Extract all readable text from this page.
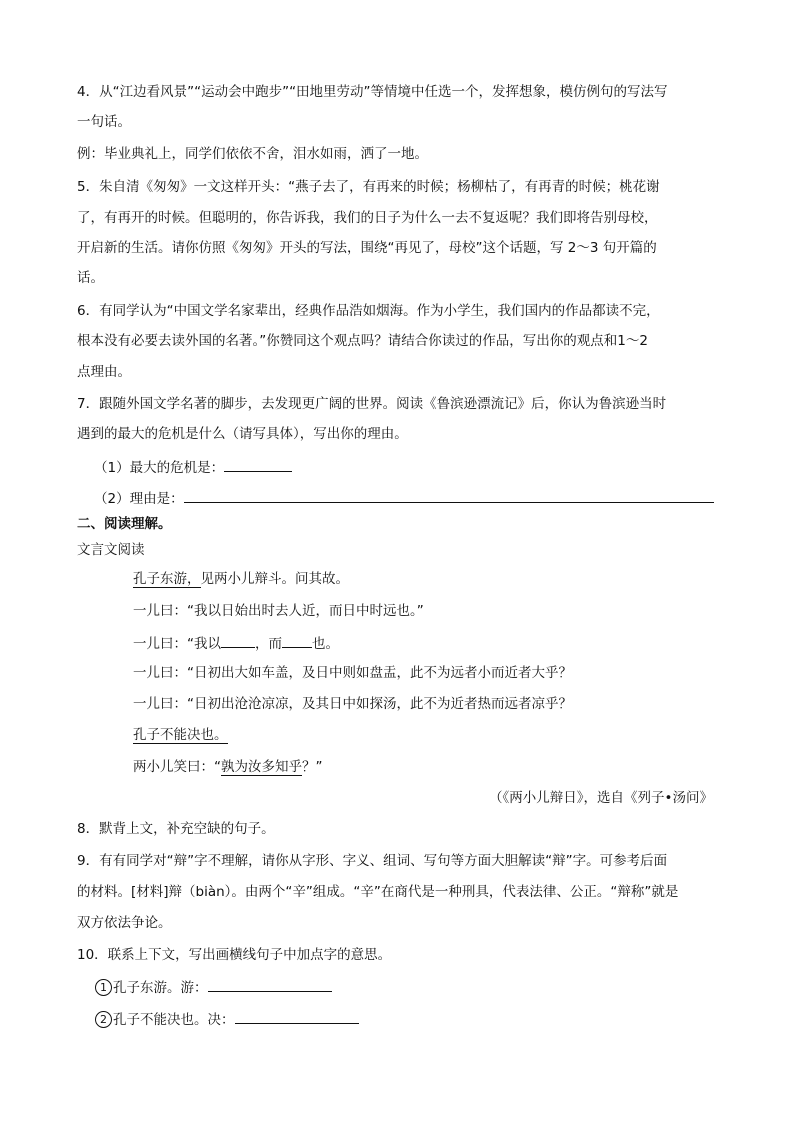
4．从“江边看风景”“运动会中跑步”“田地里劳动”等情境中任选一个，发挥想象，模仿例句的写法写
一句话。
例：毕业典礼上，同学们依依不舍，泪水如雨，洒了一地。
5．朱自清《匆匆》一文这样开头：“燕子去了，有再来的时候；杨柳枯了，有再青的时候；桃花谢
了，有再开的时候。但聪明的，你告诉我，我们的日子为什么一去不复返呢？我们即将告别母校，
开启新的生活。请你仿照《匆匆》开头的写法，围绕“再见了，母校”这个话题，写 2～3 句开篇的
话。
6．有同学认为“中国文学名家辈出，经典作品浩如烟海。作为小学生，我们国内的作品都读不完，
根本没有必要去读外国的名著。”你赞同这个观点吗？请结合你读过的作品，写出你的观点和1～2
点理由。
7．跟随外国文学名著的脚步，去发现更广阔的世界。阅读《鲁滨逊漂流记》后，你认为鲁滨逊当时
遇到的最大的危机是什么（请写具体），写出你的理由。
（1）最大的危机是：
（2）理由是：
二、阅读理解。
文言文阅读
孔子东游，见两小儿辩斗。问其故。
一儿曰：“我以日始出时去人近，而日中时远也。”
一儿曰：“我以	，而 也。
一儿曰：“日初出大如车盖，及日中则如盘盂，此不为远者小而近者大乎？
一儿曰：“日初出沧沧凉凉，及其日中如探汤，此不为近者热而远者凉乎？
孔子不能决也。
两小儿笑曰：“孰为汝多知乎？”
（《两小儿辩日》，选自《列子•汤问》
8．默背上文，补充空缺的句子。
9．有有同学对“辩”字不理解，请你从字形、字义、组词、写句等方面大胆解读“辩”字。可参考后面
的材料。[材料]辩（biàn）。由两个“辛”组成。“辛”在商代是一种刑具，代表法律、公正。“辩称”就是
双方依法争论。
10．联系上下文，写出画横线句子中加点字的意思。
1 孔子东游。游：
2 孔子不能决也。决：
